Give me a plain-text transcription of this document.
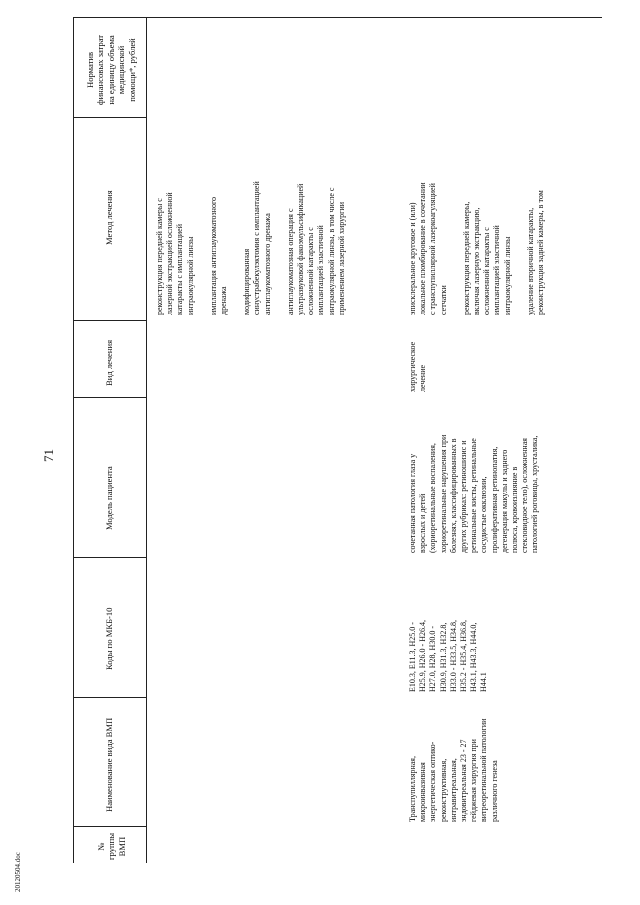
71
20120504.doc
Норматив финансовых затрат на единицу объема медицинской помощи*, рублей
Метод лечения
Вид лечения
Модель пациента
Коды по МКБ-10
Наименование вида ВМП
№ группы ВМП
реконструкция передней камеры с лазерной экстракцией осложненной катаракты с имплантацией интраокулярной линзы имплантация антиглаукоматозного дренажа модифицированная синустрабекулэктомия с имплантацией антиглаукоматозного дренажа антиглаукоматозная операция с ультразвуковой факоэмульсификацией осложненной катаракты с имплантацией эластичной интраокулярной линзы, в том числе с применением лазерной хирургии	эписклеральное круговое и (или) локальное пломбирование в сочетании с транспупиллярной лазеркоагуляцией сетчатки реконструкция передней камеры, включая лазерную экстракцию, осложненной катаракты с имплантацией эластичной интраокулярной линзы удаление вторичной катаракты, реконструкция задней камеры, в том
хирургическое лечение
сочетанная патология глаза у взрослых и детей (хориоретинальные воспаления, хориоретинальные нарушения при болезнях, классифицированных в других рубриках: ретиношизис и ретинальные кисты, ретинальные сосудистые окклюзии, пролиферативная ретинопатия, дегенерация макулы и заднего полюса, кровоизлияние в стекловидное тело), осложненная патологией роговицы, хрусталика,
E10.3, E11.3, H25.0 - H25.9, H26.0 - H26.4, H27.0, H28, H30.0 - H30.9, H31.3, H32.8, H33.0 - H33.5, H34.8, H35.2 - H35.4, H36.8, H43.1, H43.3, H44.0, H44.1
Транспупиллярная, микроинвазивная энергетическая оптико- реконструктивная, интравитреальная, эндовитреальная 23 - 27 гейджевая хирургия при витреоретинальной патологии различного генеза
